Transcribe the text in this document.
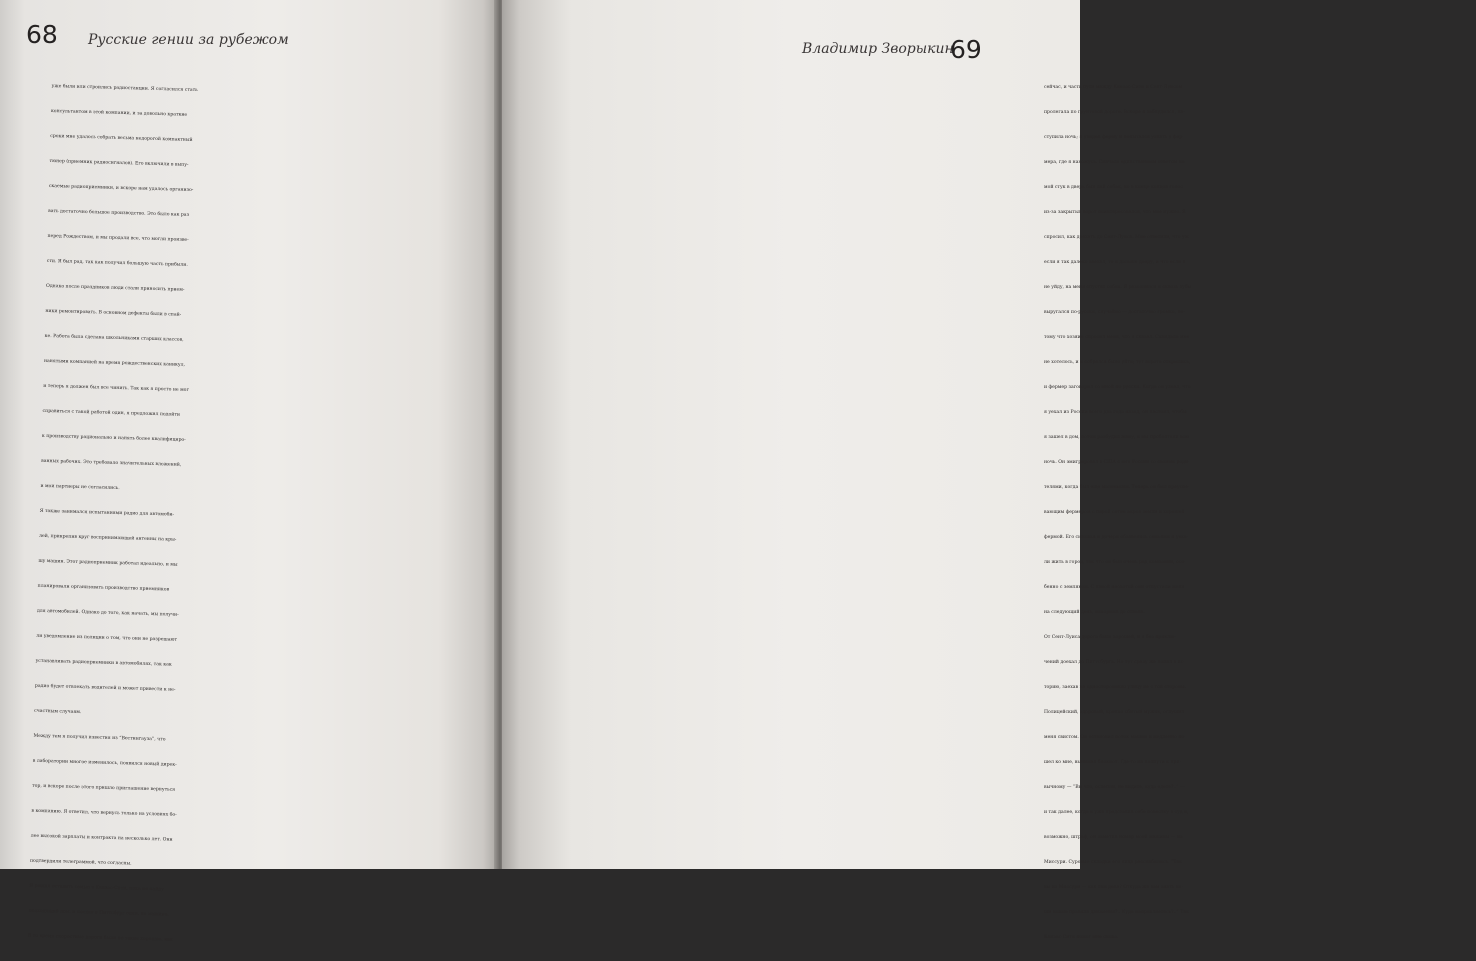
68 Русские гении за рубежом
уже были или строились радиостанции. Я согласился стать
консультантом в этой компании, и за довольно краткие
сроки мне удалось собрать весьма недорогой компактный
тюнер (приемник радиосигналов). Его включили в выпу-
скаемые радиоприемники, и вскоре нам удалось организо-
вать достаточно большое производство. Это было как раз
перед Рождеством, и мы продали все, что могли произве-
сти. Я был рад, так как получил большую часть прибыли.
Однако после праздников люди стали приносить прием-
ники ремонтировать. В основном дефекты были в спай-
ке. Работа была сделана школьниками старших классов,
нанятыми компанией на время рождественских каникул,
и теперь я должен был все чинить. Так как я просто не мог
справиться с такой работой один, я предложил подойти
к производству рационально и нанять более квалифициро-
ванных рабочих. Это требовало значительных вложений,
и мои партнеры не согласились.
Я также занимался испытаниями радио для автомоби-
лей, прикрепив круг воспринимающей антенны на кры-
шу машин. Этот радиоприемник работал идеально, и мы
планировали организовать производство приемников
для автомобилей. Однако до того, как начать, мы получи-
ли уведомление из полиции о том, что они не разрешают
устанавливать радиоприемники в автомобилях, так как
радио будет отвлекать водителей и может привести к не-
счастным случаям.
Между тем я получил известия из “Вестингауза”, что
в лаборатории многое изменилось, появился новый дирек-
тор, и вскоре после этого пришло приглашение вернуться
в компанию. Я ответил, что вернусь только на условиях бо-
лее высокой зарплаты и контракта на несколько лет. Они
подтвердили телеграммой, что согласны.
Я решил оставить семью в Канзас-Сити, пока не найду
подходящий дом, и поехал в Питтсбург один, на машине.
В то время скоростные дороги были не такие хорошие, как
Владимир Зворыкин
69
сейчас, и часть пути между Канзас-Сити и Сент-Луисом
пролегала по грунтовой дороге. Вскоре я заблудился, на-
ступила ночь; я увидел ферму и попытался узнать у фер-
мера, где я нахожусь. Сначала единственным ответом на
мой стук в дверь был лай собак, но в конце концов голос
из-за закрытых ворот поинтересовался, что мне нужно. Я
спросил, как доехать до Сент-Луиса. Мне ответили, что уж
если я так далеко заехал, то и дальше доеду, и что если я
не уйду, на меня спустят собак. Я разозлился и сквозь зубы
выругался по-русски, случайно — достаточно громко, по-
тому что хозяин спросил меня, что я сказал. Скандала мне
не хотелось, и я собрался было уйти; тут ворота открылись,
и фермер заговорил со мной по-русски. Когда он узнал, что
я уехал из России всего два года назад, он настоял, чтобы
я зашел в дом, потом разбудил жену, и мы проболтали всю
ночь. Он эмигрировал в США с юга России со своими роди-
телями, когда был еще маленьким. Теперь он был преуспе-
вающим фермером с парой сотен акров земли и хорошей
фермой. Его сыновья и дочери обзавелись семьями и уеха-
ли жить в город, так что он был очень рад компании, осо-
бенно с земляком. С явной неохотой они отпустили меня
на следующий день, накормив до отвала.
От Сент-Луиса дорога была хорошей, и я без приклю-
чений доехал до Питтсбурга. Но тут сразу же попал в ис-
торию, заехав на одностороннюю улицу не с той стороны.
Полицейский, здоровый, крепко сбитый мужик, оглушил
меня свистом. Он остановил поток машин и медленно по-
шел ко мне, вынимая блокнот. Где-то на полпути к при-
вычному — “Вы что, ослепли, не видите, куда едете?..” —
и так далее, когда я уже представил себе повестку в суд и,
возможно, штраф, он заметил номер моей машины — из
Миссури. Суровые складки его лица расслабились. “Так
вы из Миссури — как там дела? Откуда же вам знать на-
ши новые правила движения?.. Куда направляетесь?..” Так
Канзас-Сити помог мне снова.
